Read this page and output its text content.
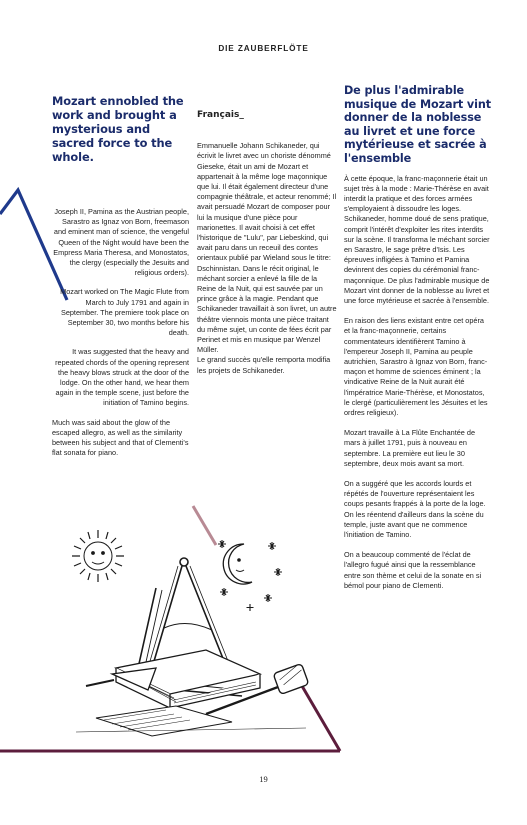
DIE ZAUBERFLÖTE
Mozart ennobled the work and brought a mysterious and sacred force to the whole.

Joseph II, Pamina as the Austrian people, Sarastro as Ignaz von Born, freemason and eminent man of science, the vengeful Queen of the Night would have been the Empress Maria Theresa, and Monostatos, the clergy (especially the Jesuits and religious orders).

Mozart worked on The Magic Flute from March to July 1791 and again in September. The premiere took place on September 30, two months before his death.

It was suggested that the heavy and repeated chords of the opening represent the heavy blows struck at the door of the lodge. On the other hand, we hear them again in the temple scene, just before the initiation of Tamino begins.

Much was said about the glow of the escaped allegro, as well as the similarity between his subject and that of Clementi's flat sonata for piano.

Français_

Emmanuelle Johann Schikaneder, qui écrivit le livret avec un choriste dénommé Gieseke, était un ami de Mozart et appartenait à la même loge maçonnique que lui. Il était également directeur d'une compagnie théâtrale, et acteur renommé; Il avait persuadé Mozart de composer pour lui la musique d'une pièce pour marionettes. Il avait choisi à cet effet l'historique de "Lulu", par Liebeskind, qui avait paru dans un receuil des contes orientaux publié par Wieland sous le titre: Dschinnistan. Dans le récit original, le méchant sorcier a enlevé la fille de la Reine de la Nuit, qui est sauvée par un prince grâce à la magie. Pendant que Schikaneder travaillait à son livret, un autre théâtre viennois monta une pièce traitant du même sujet, un conte de fées écrit par Perinet et mis en musique par Wenzel Müller.
Le grand succès qu'elle remporta modifia les projets de Schikaneder.

De plus l'admirable musique de Mozart vint donner de la noblesse au livret et une force mytérieuse et sacrée à l'ensemble

À cette époque, la franc-maçonnerie était un sujet très à la mode : Marie-Thérèse en avait interdit la pratique et des forces armées s'employaient à dissoudre les loges. Schikaneder, homme doué de sens pratique, comprit l'intérêt d'exploiter les rites interdits sur la scène. Il transforma le méchant sorcier en Sarastro, le sage prêtre d'Isis. Les épreuves infligées à Tamino et Pamina devinrent des copies du cérémonial franc-maçonnique. De plus l'admirable musique de Mozart vint donner de la noblesse au livret et une force mytérieuse et sacrée à l'ensemble.

En raison des liens existant entre cet opéra et la franc-maçonnerie, certains commentateurs identifièrent Tamino à l'empereur Joseph II, Pamina au peuple autrichien, Sarastro à Ignaz von Born, franc-maçon et homme de sciences éminent ; la vindicative Reine de la Nuit aurait été l'impératrice Marie-Thérèse, et Monostatos, le clergé (particulièrement les Jésuites et les ordres religieux).

Mozart travaille à La Flûte Enchantée de mars à juillet 1791, puis à nouveau en septembre. La première eut lieu le 30 septembre, deux mois avant sa mort.

On a suggéré que les accords lourds et répétés de l'ouverture représentaient les coups pesants frappés à la porte de la loge. On les réentend d'ailleurs dans la scène du temple, juste avant que ne commence l'initiation de Tamino.

On a beaucoup commenté de l'éclat de l'allegro fugué ainsi que la ressemblance entre son thème et celui de la sonate en si bémol pour piano de Clementi.

19
